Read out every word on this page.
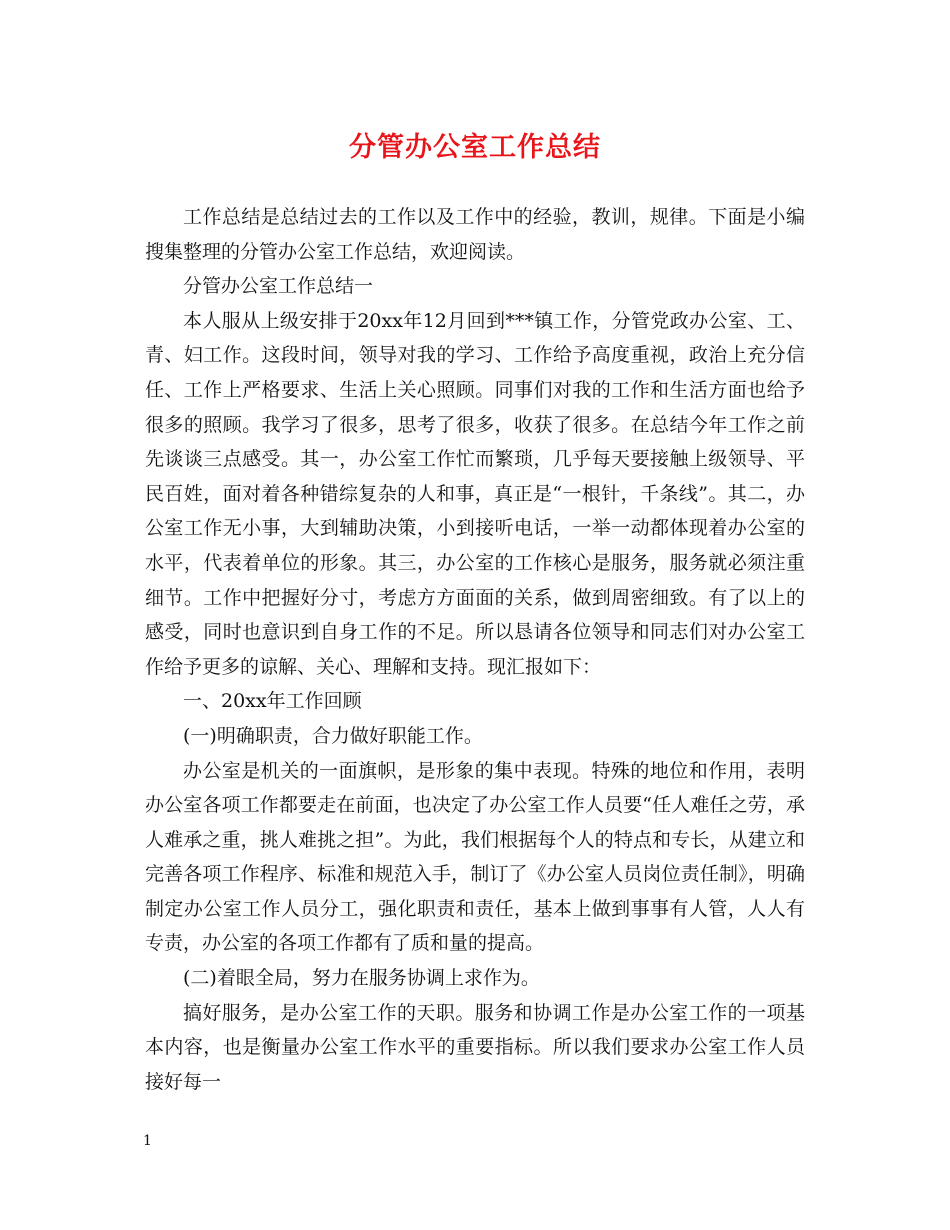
分管办公室工作总结

工作总结是总结过去的工作以及工作中的经验，教训，规律。下面是小编搜集整理的分管办公室工作总结，欢迎阅读。

分管办公室工作总结一

本人服从上级安排于20xx年12月回到***镇工作，分管党政办公室、工、青、妇工作。这段时间，领导对我的学习、工作给予高度重视，政治上充分信任、工作上严格要求、生活上关心照顾。同事们对我的工作和生活方面也给予很多的照顾。我学习了很多，思考了很多，收获了很多。在总结今年工作之前先谈谈三点感受。其一，办公室工作忙而繁琐，几乎每天要接触上级领导、平民百姓，面对着各种错综复杂的人和事，真正是“一根针，千条线”。其二，办公室工作无小事，大到辅助决策，小到接听电话，一举一动都体现着办公室的水平，代表着单位的形象。其三，办公室的工作核心是服务，服务就必须注重细节。工作中把握好分寸，考虑方方面面的关系，做到周密细致。有了以上的感受，同时也意识到自身工作的不足。所以恳请各位领导和同志们对办公室工作给予更多的谅解、关心、理解和支持。现汇报如下：

一、20xx年工作回顾

(一)明确职责，合力做好职能工作。

办公室是机关的一面旗帜，是形象的集中表现。特殊的地位和作用，表明办公室各项工作都要走在前面，也决定了办公室工作人员要“任人难任之劳，承人难承之重，挑人难挑之担”。为此，我们根据每个人的特点和专长，从建立和完善各项工作程序、标准和规范入手，制订了《办公室人员岗位责任制》，明确制定办公室工作人员分工，强化职责和责任，基本上做到事事有人管，人人有专责，办公室的各项工作都有了质和量的提高。

(二)着眼全局，努力在服务协调上求作为。

搞好服务，是办公室工作的天职。服务和协调工作是办公室工作的一项基本内容，也是衡量办公室工作水平的重要指标。所以我们要求办公室工作人员接好每一

1
